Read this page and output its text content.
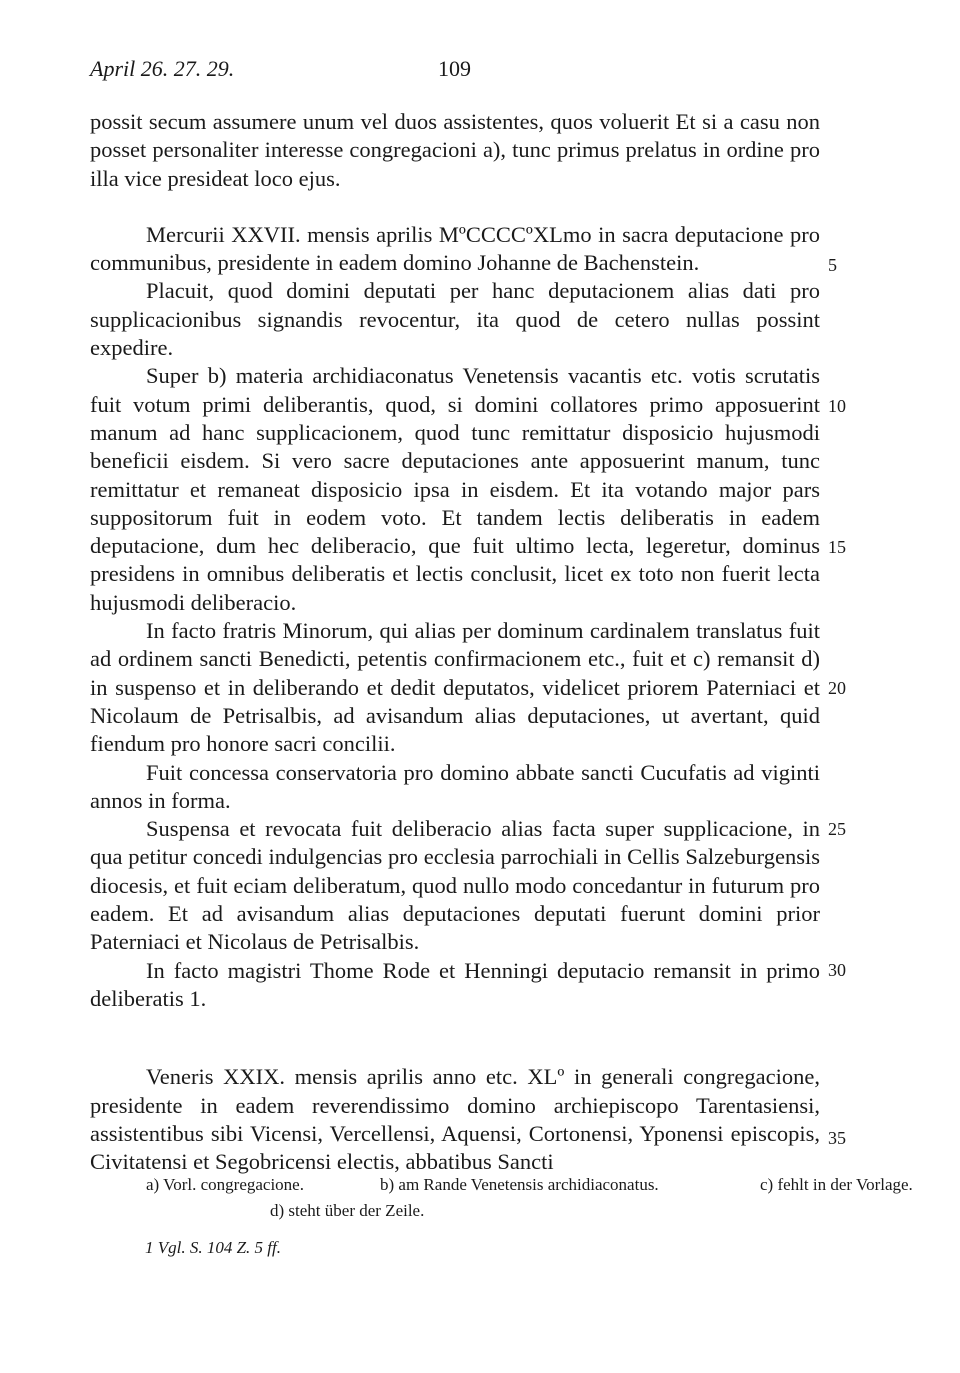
April 26. 27. 29.	109

possit secum assumere unum vel duos assistentes, quos voluerit Et si a casu non posset personaliter interesse congregacioni a), tunc primus prelatus in ordine pro illa vice presideat loco ejus.

Mercurii XXVII. mensis aprilis MºCCCCºXLmo in sacra deputacione pro communibus, presidente in eadem domino Johanne de Bachenstein.

Placuit, quod domini deputati per hanc deputacionem alias dati pro supplicacionibus signandis revocentur, ita quod de cetero nullas possint expedire.

Super b) materia archidiaconatus Venetensis vacantis etc. votis scrutatis fuit votum primi deliberantis, quod, si domini collatores primo apposuerint manum ad hanc supplicacionem, quod tunc remittatur disposicio hujusmodi beneficii eisdem. Si vero sacre deputaciones ante apposuerint manum, tunc remittatur et remaneat disposicio ipsa in eisdem. Et ita votando major pars suppositorum fuit in eodem voto. Et tandem lectis deliberatis in eadem deputacione, dum hec deliberacio, que fuit ultimo lecta, legeretur, dominus presidens in omnibus deliberatis et lectis conclusit, licet ex toto non fuerit lecta hujusmodi deliberacio.

In facto fratris Minorum, qui alias per dominum cardinalem translatus fuit ad ordinem sancti Benedicti, petentis confirmacionem etc., fuit et c) remansit d) in suspenso et in deliberando et dedit deputatos, videlicet priorem Paterniaci et Nicolaum de Petrisalbis, ad avisandum alias deputaciones, ut avertant, quid fiendum pro honore sacri concilii.

Fuit concessa conservatoria pro domino abbate sancti Cucufatis ad viginti annos in forma.

Suspensa et revocata fuit deliberacio alias facta super supplicacione, in qua petitur concedi indulgencias pro ecclesia parrochiali in Cellis Salzeburgensis diocesis, et fuit eciam deliberatum, quod nullo modo concedantur in futurum pro eadem. Et ad avisandum alias deputaciones deputati fuerunt domini prior Paterniaci et Nicolaus de Petrisalbis.

In facto magistri Thome Rode et Henningi deputacio remansit in primo deliberatis 1.

Veneris XXIX. mensis aprilis anno etc. XLº in generali congregacione, presidente in eadem reverendissimo domino archiepiscopo Tarentasiensi, assistentibus sibi Vicensi, Vercellensi, Aquensi, Cortonensi, Yponensi episcopis, Civitatensi et Segobricensi electis, abbatibus Sancti

5
10
15
20
25
30
35
a) Vorl. congregacione.	b) am Rande Venetensis archidiaconatus.	c) fehlt in der Vorlage.
d) steht über der Zeile.
1 Vgl. S. 104 Z. 5 ff.
